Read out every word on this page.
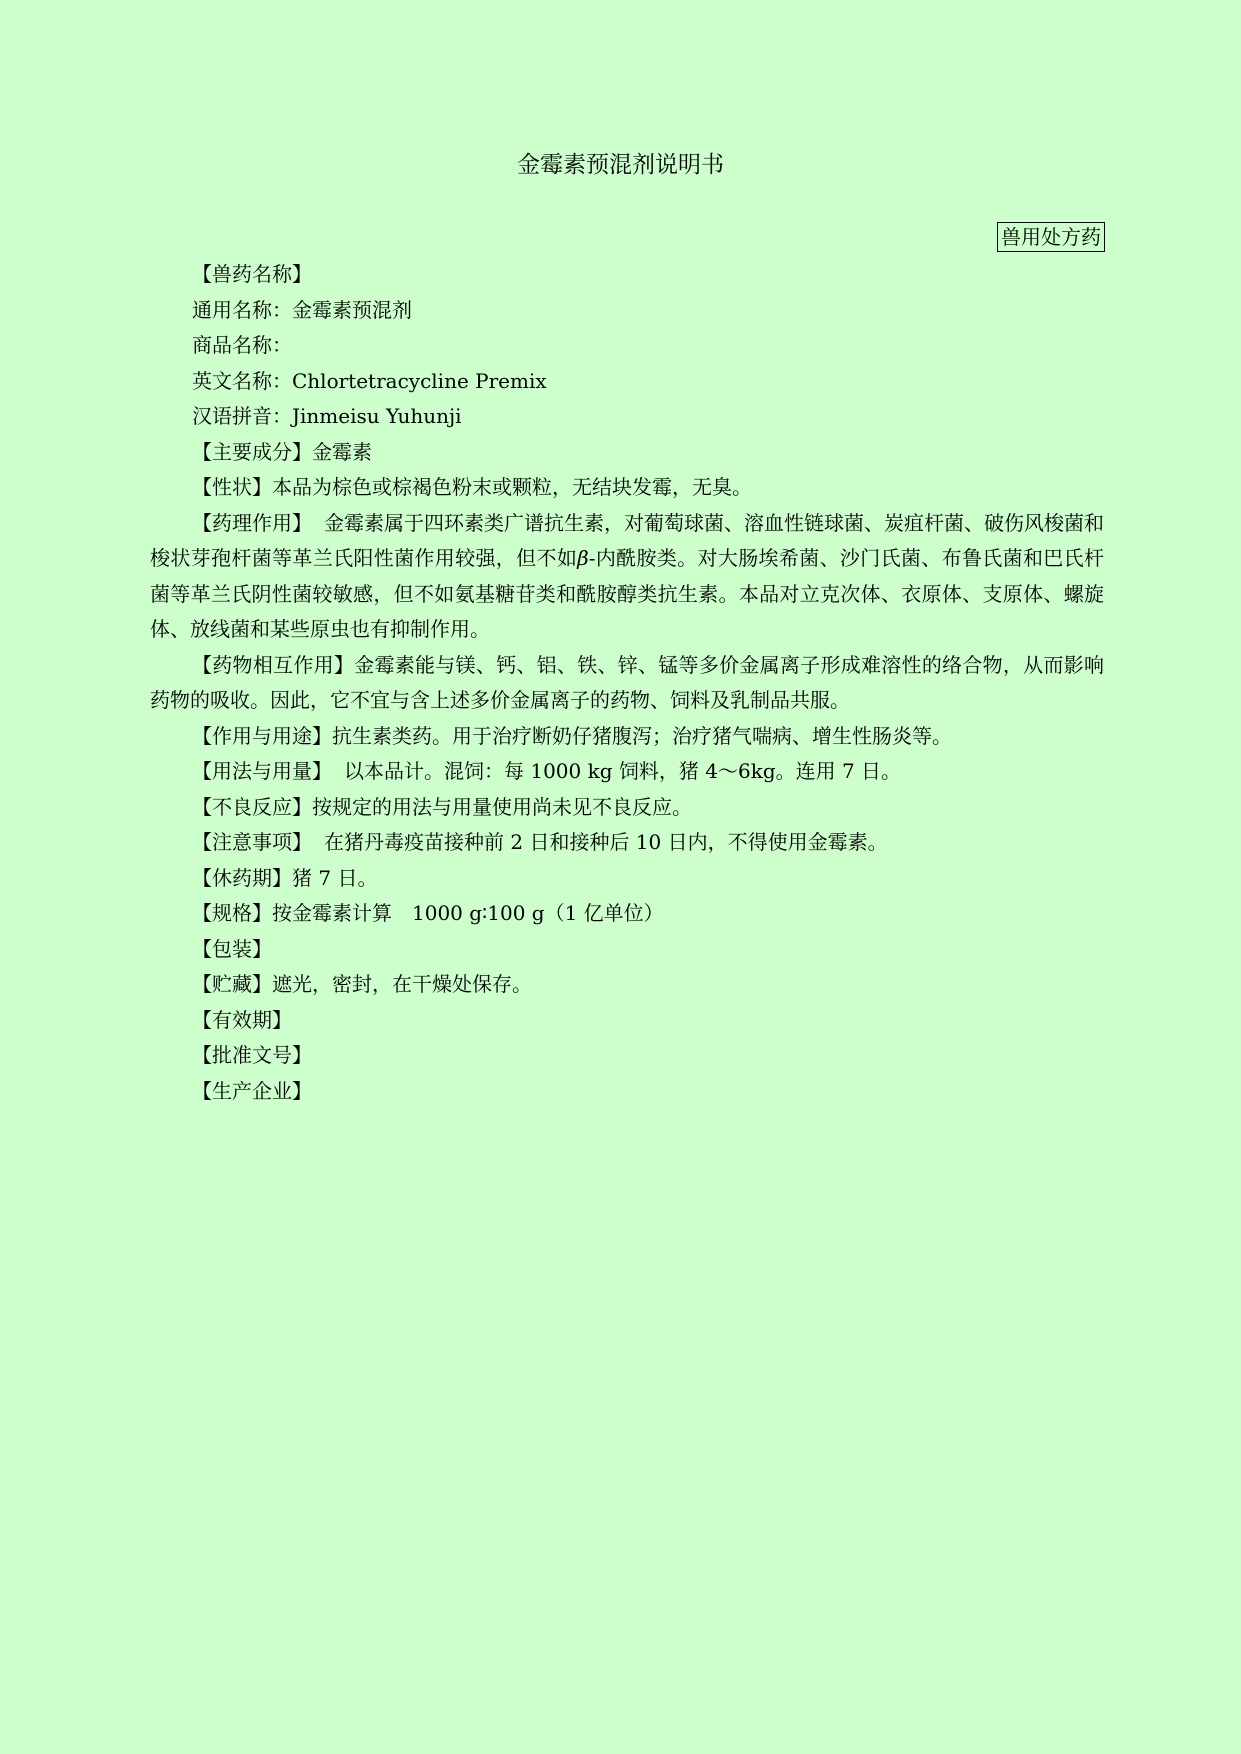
金霉素预混剂说明书
兽用处方药

【兽药名称】

通用名称：金霉素预混剂

商品名称：

英文名称：Chlortetracycline Premix

汉语拼音：Jinmeisu Yuhunji

【主要成分】金霉素

【性状】本品为棕色或棕褐色粉末或颗粒，无结块发霉，无臭。

【药理作用】 金霉素属于四环素类广谱抗生素，对葡萄球菌、溶血性链球菌、炭疽杆菌、破伤风梭菌和梭状芽孢杆菌等革兰氏阳性菌作用较强，但不如β-内酰胺类。对大肠埃希菌、沙门氏菌、布鲁氏菌和巴氏杆菌等革兰氏阴性菌较敏感，但不如氨基糖苷类和酰胺醇类抗生素。本品对立克次体、衣原体、支原体、螺旋体、放线菌和某些原虫也有抑制作用。

【药物相互作用】金霉素能与镁、钙、铝、铁、锌、锰等多价金属离子形成难溶性的络合物，从而影响药物的吸收。因此，它不宜与含上述多价金属离子的药物、饲料及乳制品共服。

【作用与用途】抗生素类药。用于治疗断奶仔猪腹泻；治疗猪气喘病、增生性肠炎等。

【用法与用量】 以本品计。混饲：每 1000 kg 饲料，猪 4～6kg。连用 7 日。

【不良反应】按规定的用法与用量使用尚未见不良反应。

【注意事项】 在猪丹毒疫苗接种前 2 日和接种后 10 日内，不得使用金霉素。

【休药期】猪 7 日。

【规格】按金霉素计算　1000 g∶100 g（1 亿单位）

【包装】

【贮藏】遮光，密封，在干燥处保存。

【有效期】

【批准文号】

【生产企业】
